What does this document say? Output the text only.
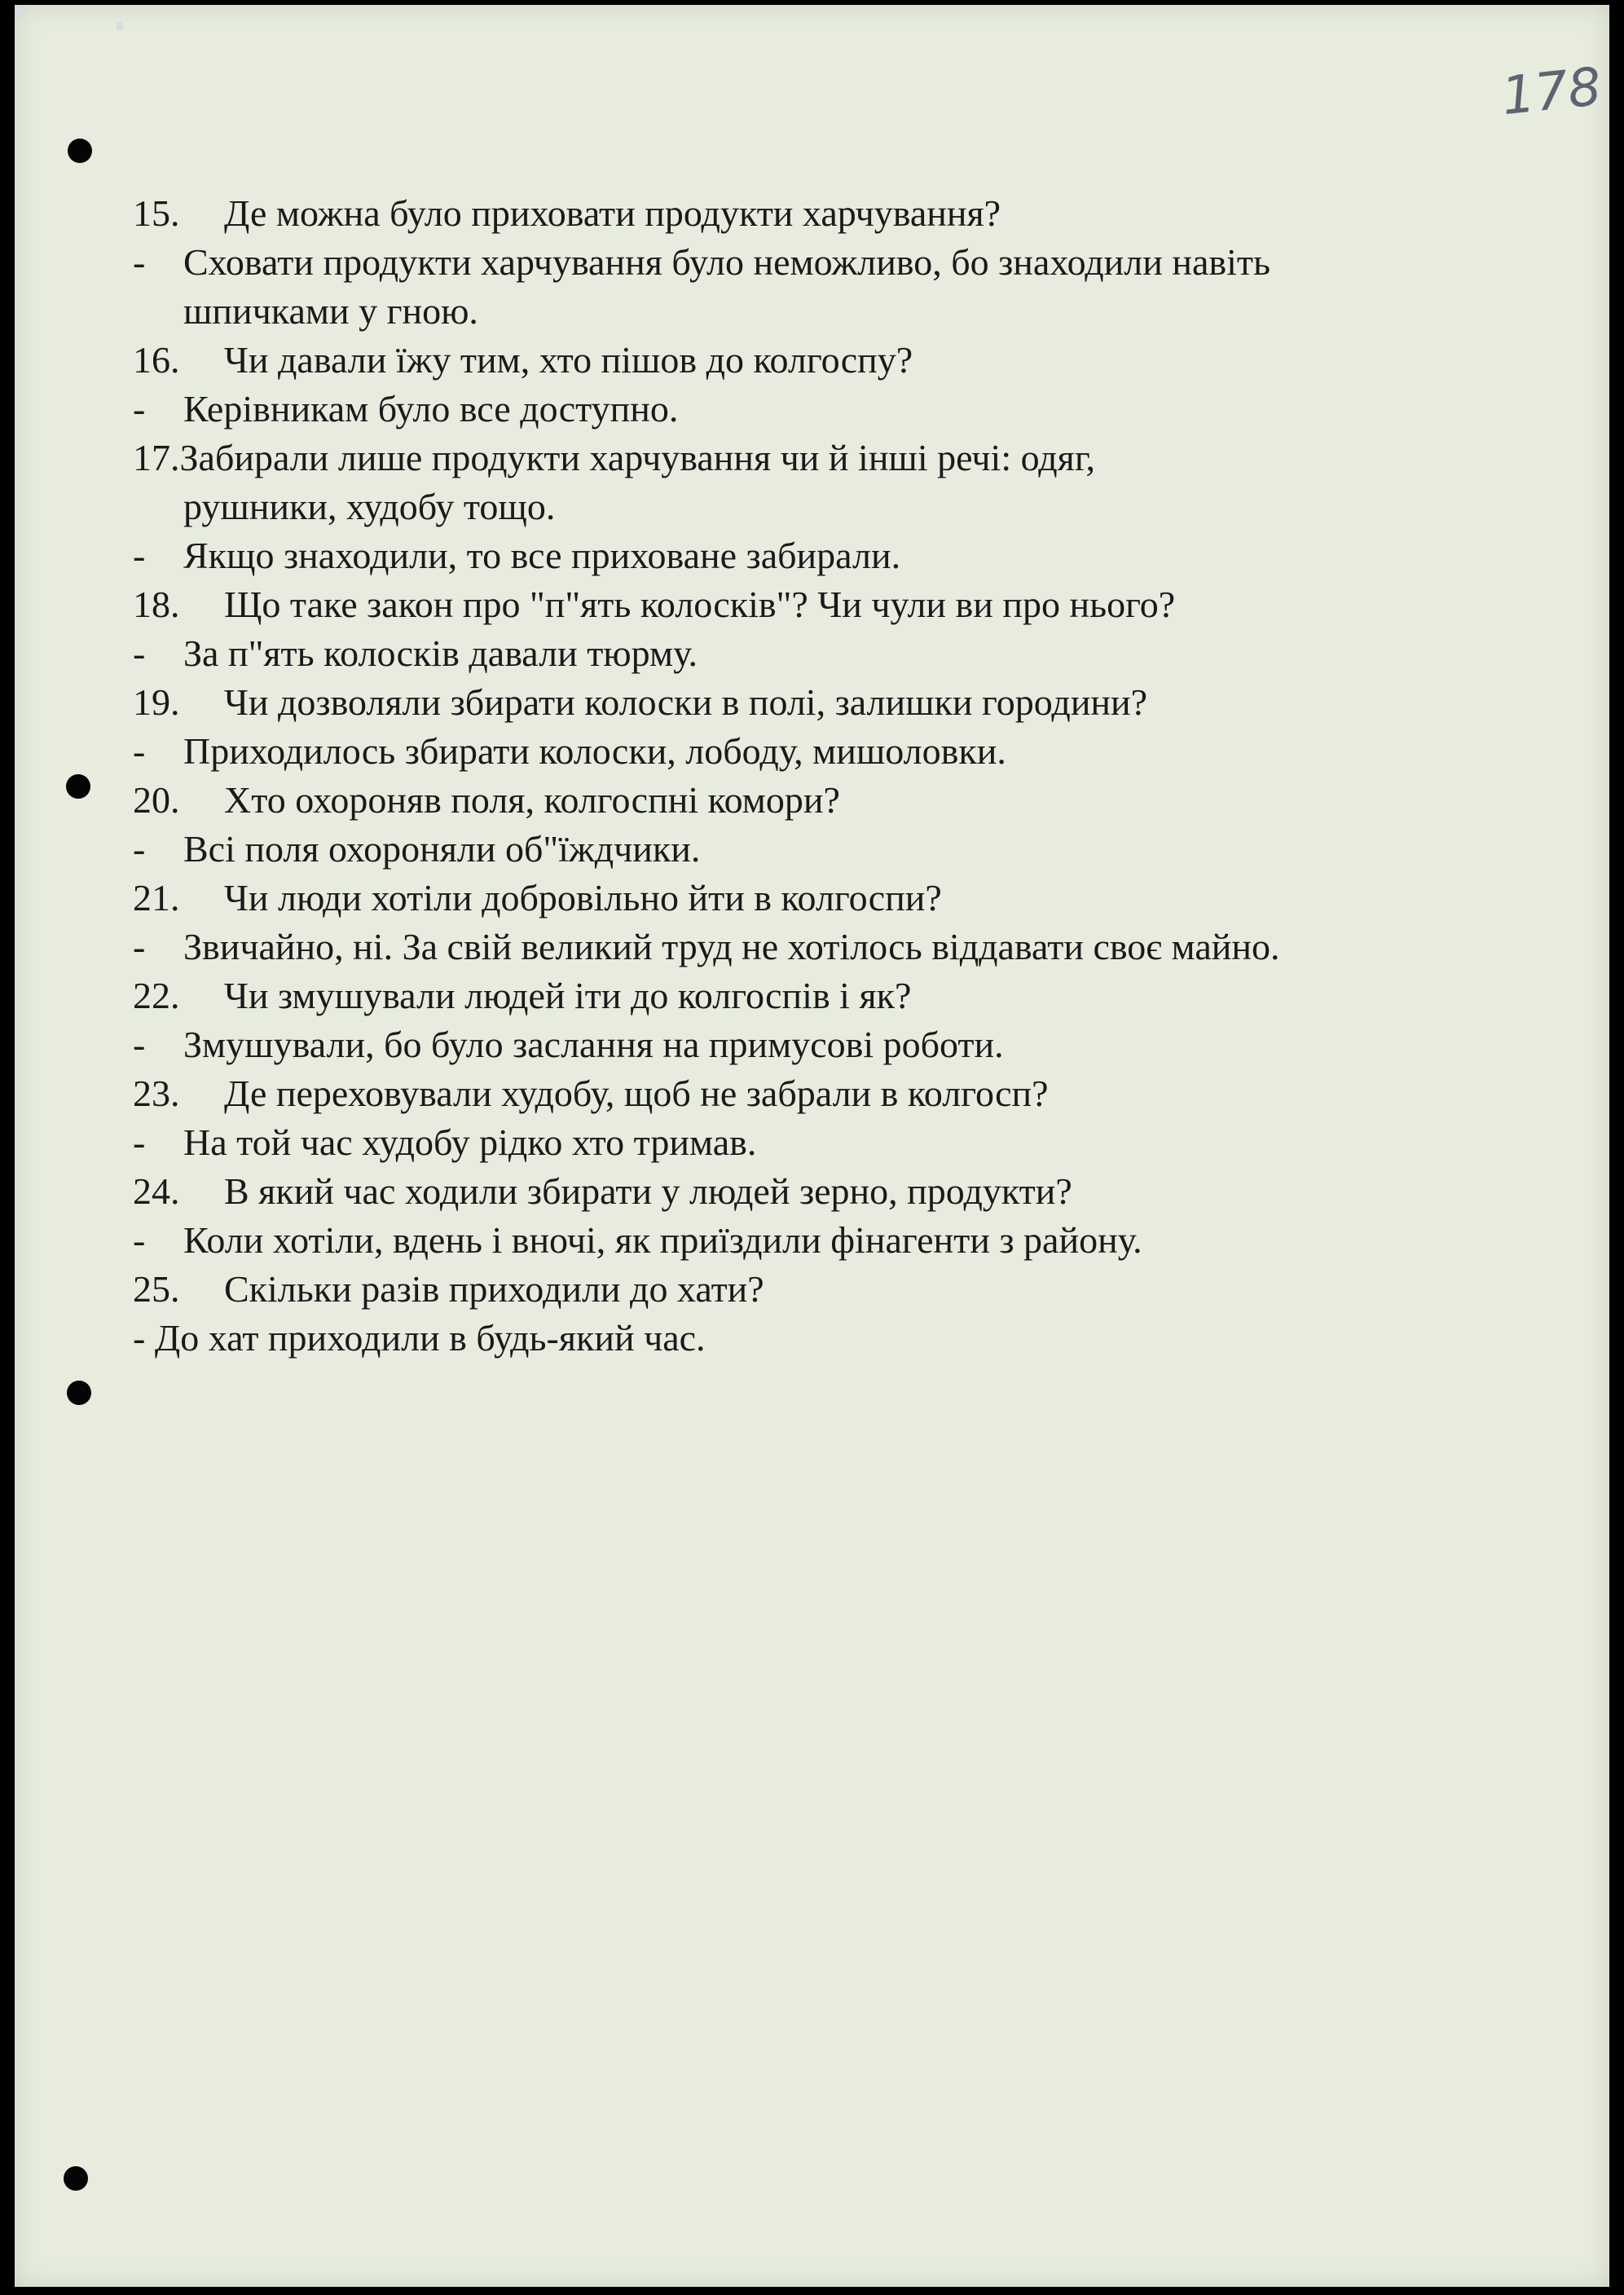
178
15. Де можна було приховати продукти харчування?
- Сховати продукти харчування було неможливо, бо знаходили навіть
шпичками у гною.
16. Чи давали їжу тим, хто пішов до колгоспу?
- Керівникам було все доступно.
17.Забирали лише продукти харчування чи й інші речі: одяг,
рушники, худобу тощо.
- Якщо знаходили, то все приховане забирали.
18. Що таке закон про "п"ять колосків"? Чи чули ви про нього?
- За п"ять колосків давали тюрму.
19. Чи дозволяли збирати колоски в полі, залишки городини?
- Приходилось збирати колоски, лободу, мишоловки.
20. Хто охороняв поля, колгоспні комори?
- Всі поля охороняли об"їждчики.
21. Чи люди хотіли добровільно йти в колгоспи?
- Звичайно, ні. За свій великий труд не хотілось віддавати своє майно.
22. Чи змушували людей іти до колгоспів і як?
- Змушували, бо було заслання на примусові роботи.
23. Де переховували худобу, щоб не забрали в колгосп?
- На той час худобу рідко хто тримав.
24. В який час ходили збирати у людей зерно, продукти?
- Коли хотіли, вдень і вночі, як приїздили фінагенти з району.
25. Скільки разів приходили до хати?
- До хат приходили в будь-який час.
